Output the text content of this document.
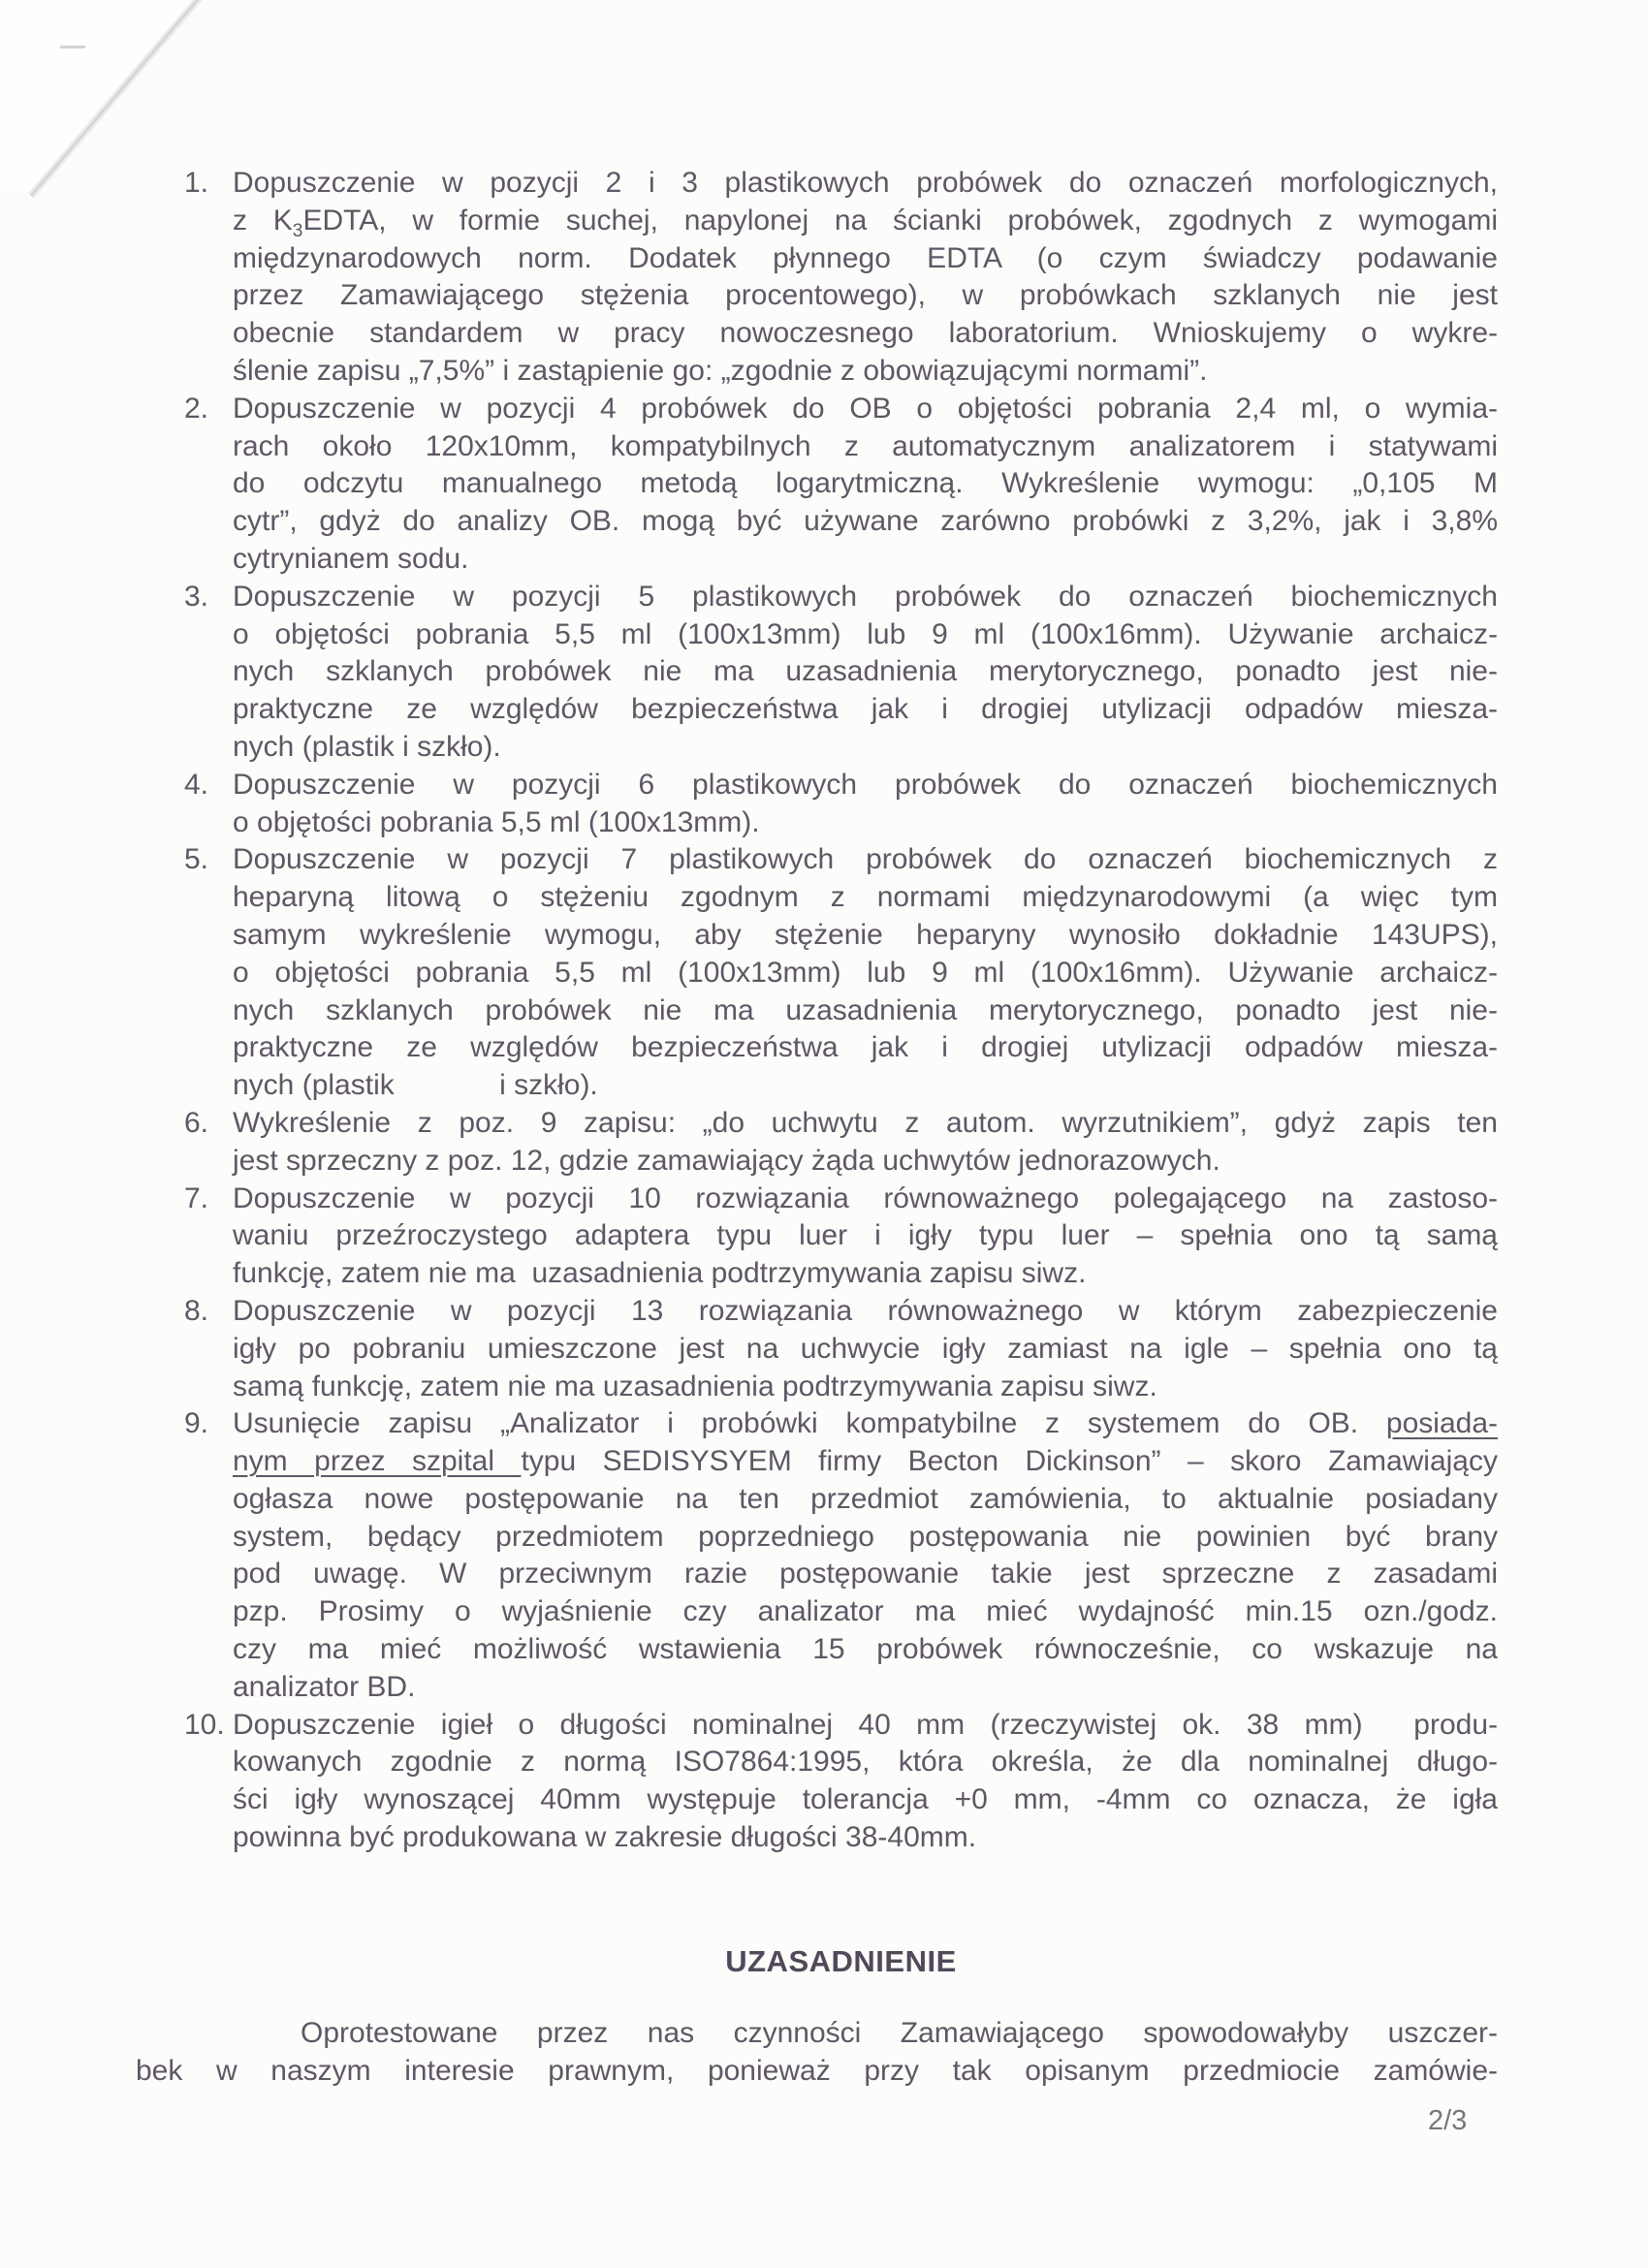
1. Dopuszczenie w pozycji 2 i 3 plastikowych probówek do oznaczeń morfologicznych,
z $K_3EDTA$, w formie suchej, napylonej na ścianki probówek, zgodnych z wymogami
międzynarodowych norm. Dodatek płynnego EDTA (o czym świadczy podawanie
przez Zamawiającego stężenia procentowego), w probówkach szklanych nie jest
obecnie standardem w pracy nowoczesnego laboratorium. Wnioskujemy o wykre-
ślenie zapisu „7,5%” i zastąpienie go: „zgodnie z obowiązującymi normami”.
2. Dopuszczenie w pozycji 4 probówek do OB o objętości pobrania 2,4 ml, o wymia-
rach około 120x10mm, kompatybilnych z automatycznym analizatorem i statywami
do odczytu manualnego metodą logarytmiczną. Wykreślenie wymogu: „0,105 M
cytr”, gdyż do analizy OB. mogą być używane zarówno probówki z 3,2%, jak i 3,8%
cytrynianem sodu.
3. Dopuszczenie w pozycji 5 plastikowych probówek do oznaczeń biochemicznych
o objętości pobrania 5,5 ml (100x13mm) lub 9 ml (100x16mm). Używanie archaicz-
nych szklanych probówek nie ma uzasadnienia merytorycznego, ponadto jest nie-
praktyczne ze względów bezpieczeństwa jak i drogiej utylizacji odpadów miesza-
nych (plastik i szkło).
4. Dopuszczenie w pozycji 6 plastikowych probówek do oznaczeń biochemicznych
o objętości pobrania 5,5 ml (100x13mm).
5. Dopuszczenie w pozycji 7 plastikowych probówek do oznaczeń biochemicznych z
heparyną litową o stężeniu zgodnym z normami międzynarodowymi (a więc tym
samym wykreślenie wymogu, aby stężenie heparyny wynosiło dokładnie 143UPS),
o objętości pobrania 5,5 ml (100x13mm) lub 9 ml (100x16mm). Używanie archaicz-
nych szklanych probówek nie ma uzasadnienia merytorycznego, ponadto jest nie-
praktyczne ze względów bezpieczeństwa jak i drogiej utylizacji odpadów miesza-
nych (plastik	i szkło).
6. Wykreślenie z poz. 9 zapisu: „do uchwytu z autom. wyrzutnikiem”, gdyż zapis ten
jest sprzeczny z poz. 12, gdzie zamawiający żąda uchwytów jednorazowych.
7. Dopuszczenie w pozycji 10 rozwiązania równoważnego polegającego na zastoso-
waniu przeźroczystego adaptera typu luer i igły typu luer – spełnia ono tą samą
funkcję, zatem nie ma  uzasadnienia podtrzymywania zapisu siwz.
8. Dopuszczenie w pozycji 13 rozwiązania równoważnego w którym zabezpieczenie
igły po pobraniu umieszczone jest na uchwycie igły zamiast na igle – spełnia ono tą
samą funkcję, zatem nie ma uzasadnienia podtrzymywania zapisu siwz.
9. Usunięcie zapisu „Analizator i probówki kompatybilne z systemem do OB. posiada-
nym przez szpital typu SEDISYSYEM firmy Becton Dickinson” – skoro Zamawiający
ogłasza nowe postępowanie na ten przedmiot zamówienia, to aktualnie posiadany
system, będący przedmiotem poprzedniego postępowania nie powinien być brany
pod uwagę. W przeciwnym razie postępowanie takie jest sprzeczne z zasadami
pzp. Prosimy o wyjaśnienie czy analizator ma mieć wydajność min.15 ozn./godz.
czy ma mieć możliwość wstawienia 15 probówek równocześnie, co wskazuje na
analizator BD.
10. Dopuszczenie igieł o długości nominalnej 40 mm (rzeczywistej ok. 38 mm)  produ-
kowanych zgodnie z normą ISO7864:1995, która określa, że dla nominalnej długo-
ści igły wynoszącej 40mm występuje tolerancja +0 mm, -4mm co oznacza, że igła
powinna być produkowana w zakresie długości 38-40mm.
UZASADNIENIE
Oprotestowane przez nas czynności Zamawiającego spowodowałyby uszczer-
bek w naszym interesie prawnym, ponieważ przy tak opisanym przedmiocie zamówie-
2/3
